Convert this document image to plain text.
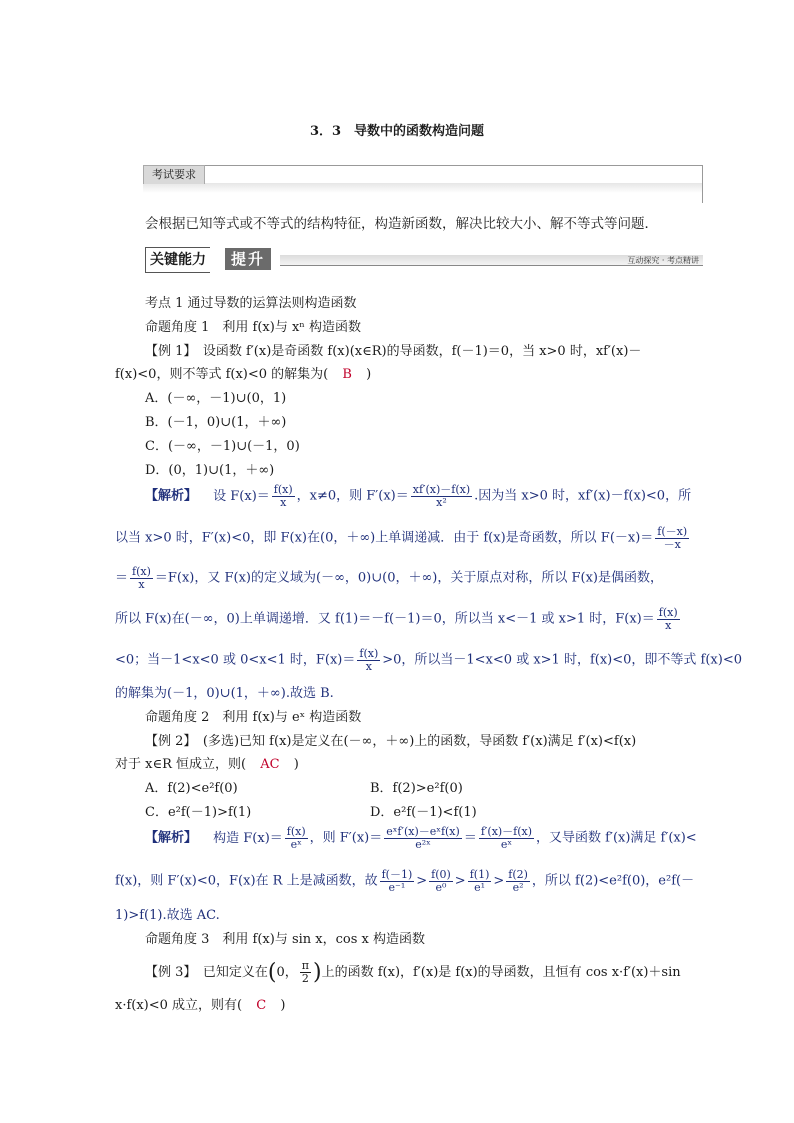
3．3　导数中的函数构造问题
考试要求
会根据已知等式或不等式的结构特征，构造新函数，解决比较大小、解不等式等问题．
关键能力	提升	互动探究 · 考点精讲
考点 1 通过导数的运算法则构造函数
命题角度 1　利用 f(x)与 xⁿ 构造函数
【例 1】　设函数 f′(x)是奇函数 f(x)(x∈R)的导函数，f(－1)＝0，当 x>0 时，xf′(x)－
f(x)<0，则不等式 f(x)<0 的解集为( B )
A．(－∞，－1)∪(0，1)
B．(－1，0)∪(1，＋∞)
C．(－∞，－1)∪(－1，0)
D．(0，1)∪(1，＋∞)
【解析】 设 $F(x)= \frac{f(x)}{x}$ ，x≠0，则 $F'(x)= \frac{xf'(x)-f(x)}{\text{x²}}$ .因为当 x>0 时，xf′(x)－f(x)<0，所
以当 x>0 时，F′(x)<0，即 F(x)在(0，＋∞)上单调递减．由于 f(x)是奇函数，所以 $F(-x)= \frac{f(-x)}{-x}$
＝ $\frac{f(x)}{x} =F(x)$，又 F(x)的定义域为(－∞，0)∪(0，＋∞)，关于原点对称，所以 F(x)是偶函数，
所以 F(x)在(－∞，0)上单调递增．又 f(1)＝－f(－1)＝0，所以当 x<－1 或 x>1 时，$F(x)= \frac{f(x)}{x}$
<0；当－1<x<0 或 0<x<1 时，$F(x)= \frac{f(x)}{x} >0$，所以当－1<x<0 或 x>1 时，f(x)<0，即不等式 f(x)<0
的解集为(－1，0)∪(1，＋∞).故选 B.
命题角度 2　利用 f(x)与 eˣ 构造函数
【例 2】　(多选)已知 f(x)是定义在(－∞，＋∞)上的函数，导函数 f′(x)满足 f′(x)<f(x)
对于 x∈R 恒成立，则( AC )
A．f(2)<e²f(0)	B．f(2)>e²f(0)
C．e²f(－1)>f(1)	D．e²f(－1)<f(1)
【解析】 构造 $F(x)= \frac{f(x)}{\text{eˣ}}$ ，则 $F'(x)= \frac{\text{eˣf′(x)－eˣf(x)}}{\text{e²ˣ}} = \frac{f'(x)-f(x)}{\text{eˣ}}$ ，又导函数 f′(x)满足 f′(x)<
f(x)，则 F′(x)<0，F(x)在 R 上是减函数，故 $\frac{f(-1)}{\text{e⁻¹}} > \frac{f(0)}{\text{e⁰}} > \frac{f(1)}{\text{e¹}} > \frac{f(2)}{\text{e²}}$ ，所以 f(2)<e²f(0)，e²f(－
1)>f(1).故选 AC.
命题角度 3　利用 f(x)与 sin x，cos x 构造函数
【例 3】　已知定义在(0， $\frac{\pi}{2}$ )上的函数 f(x)，f′(x)是 f(x)的导函数，且恒有 cos x·f′(x)＋sin
x·f(x)<0 成立，则有( C )
